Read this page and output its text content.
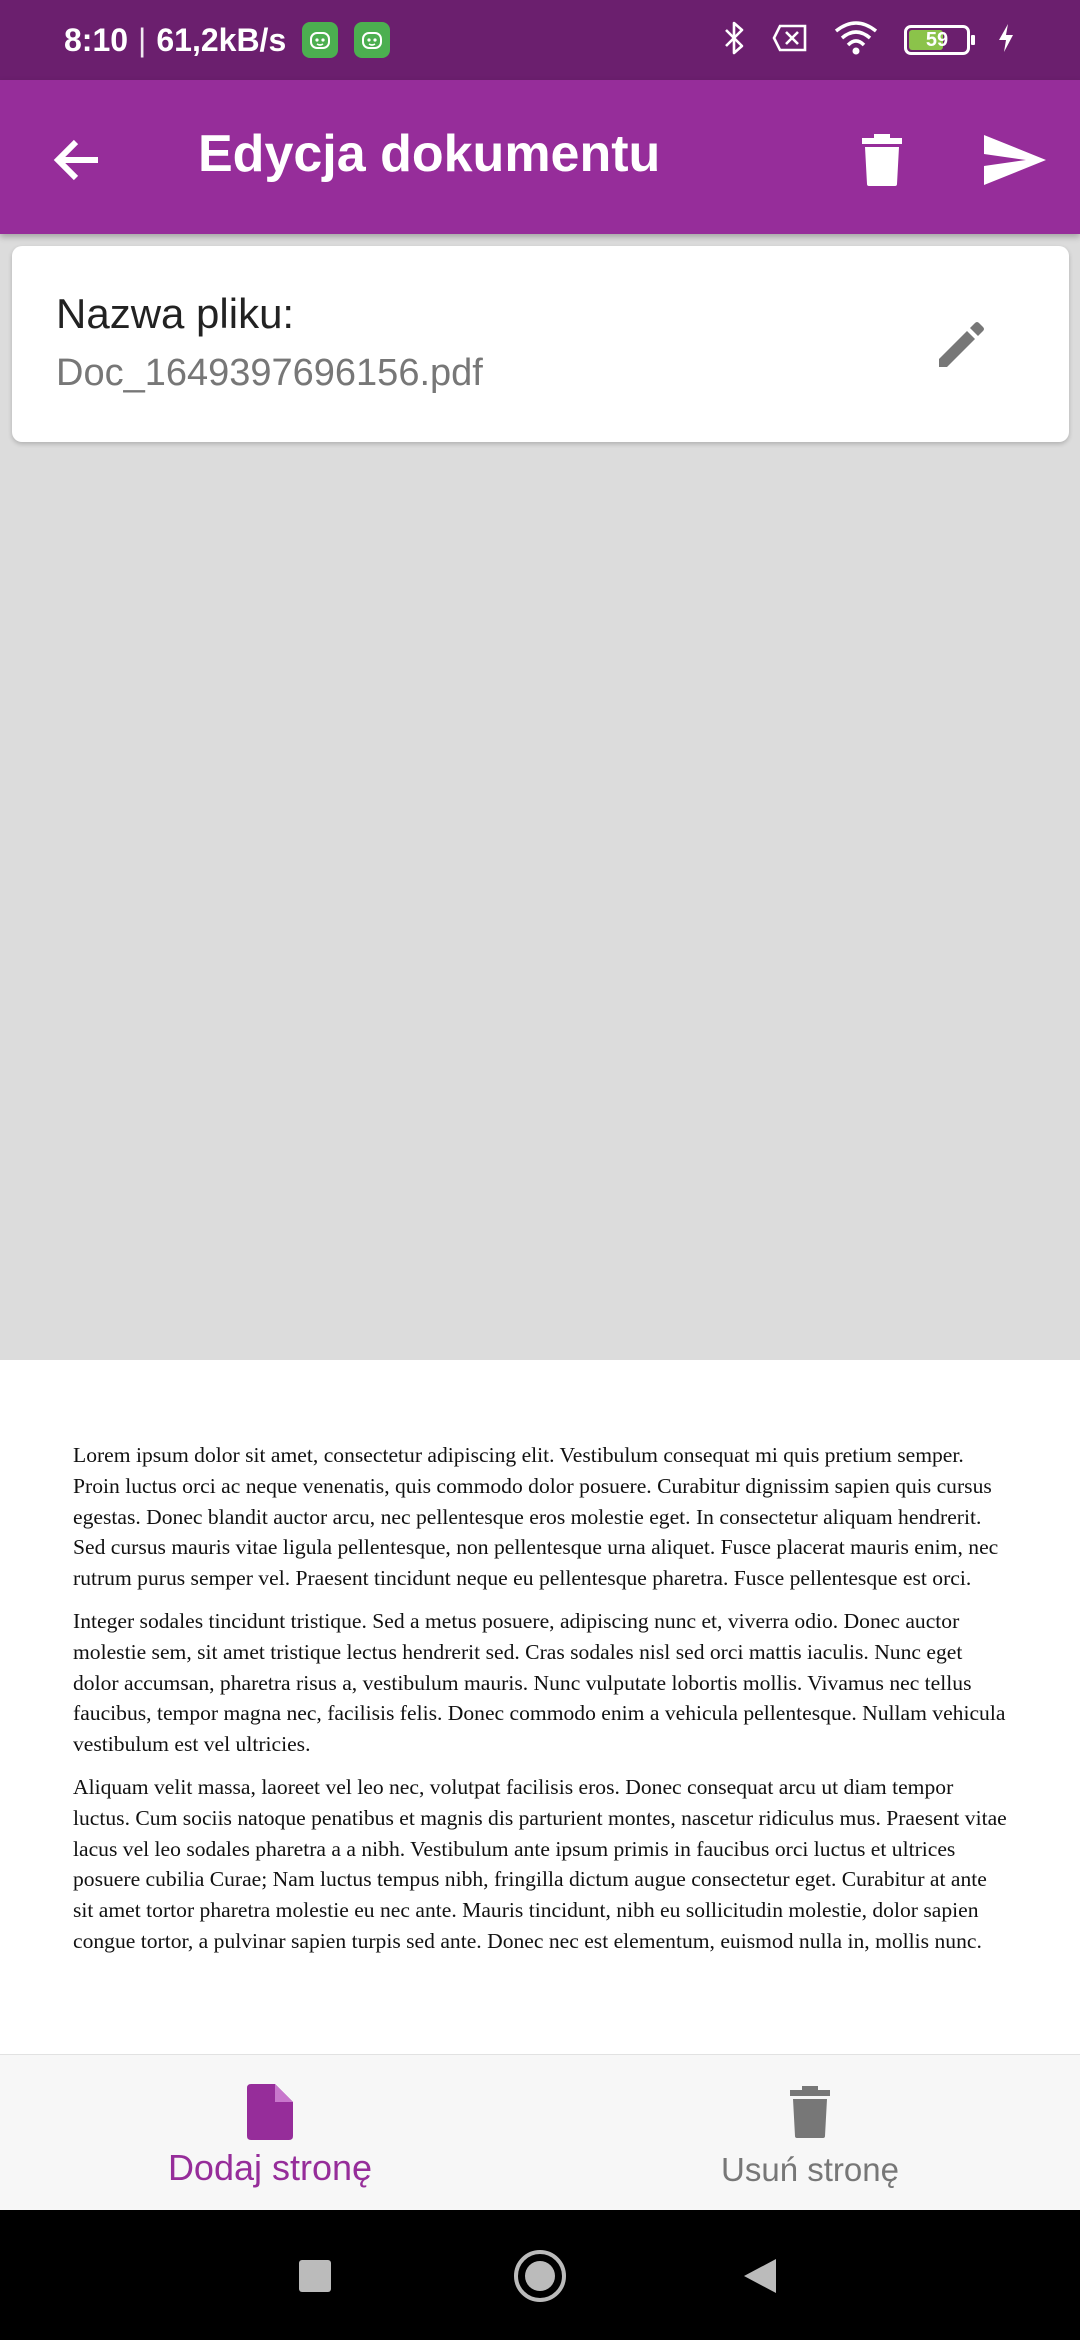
8:10 | 61,2kB/s	59
Edycja dokumentu
Nazwa pliku:
Doc_1649397696156.pdf

Lorem ipsum dolor sit amet, consectetur adipiscing elit. Vestibulum consequat mi quis pretium semper. Proin luctus orci ac neque venenatis, quis commodo dolor posuere. Curabitur dignissim sapien quis cursus egestas. Donec blandit auctor arcu, nec pellentesque eros molestie eget. In consectetur aliquam hendrerit. Sed cursus mauris vitae ligula pellentesque, non pellentesque urna aliquet. Fusce placerat mauris enim, nec rutrum purus semper vel. Praesent tincidunt neque eu pellentesque pharetra. Fusce pellentesque est orci.

Integer sodales tincidunt tristique. Sed a metus posuere, adipiscing nunc et, viverra odio. Donec auctor molestie sem, sit amet tristique lectus hendrerit sed. Cras sodales nisl sed orci mattis iaculis. Nunc eget dolor accumsan, pharetra risus a, vestibulum mauris. Nunc vulputate lobortis mollis. Vivamus nec tellus faucibus, tempor magna nec, facilisis felis. Donec commodo enim a vehicula pellentesque. Nullam vehicula vestibulum est vel ultricies.

Aliquam velit massa, laoreet vel leo nec, volutpat facilisis eros. Donec consequat arcu ut diam tempor luctus. Cum sociis natoque penatibus et magnis dis parturient montes, nascetur ridiculus mus. Praesent vitae lacus vel leo sodales pharetra a a nibh. Vestibulum ante ipsum primis in faucibus orci luctus et ultrices posuere cubilia Curae; Nam luctus tempus nibh, fringilla dictum augue consectetur eget. Curabitur at ante sit amet tortor pharetra molestie eu nec ante. Mauris tincidunt, nibh eu sollicitudin molestie, dolor sapien congue tortor, a pulvinar sapien turpis sed ante. Donec nec est elementum, euismod nulla in, mollis nunc.

Dodaj stronę	Usuń stronę
